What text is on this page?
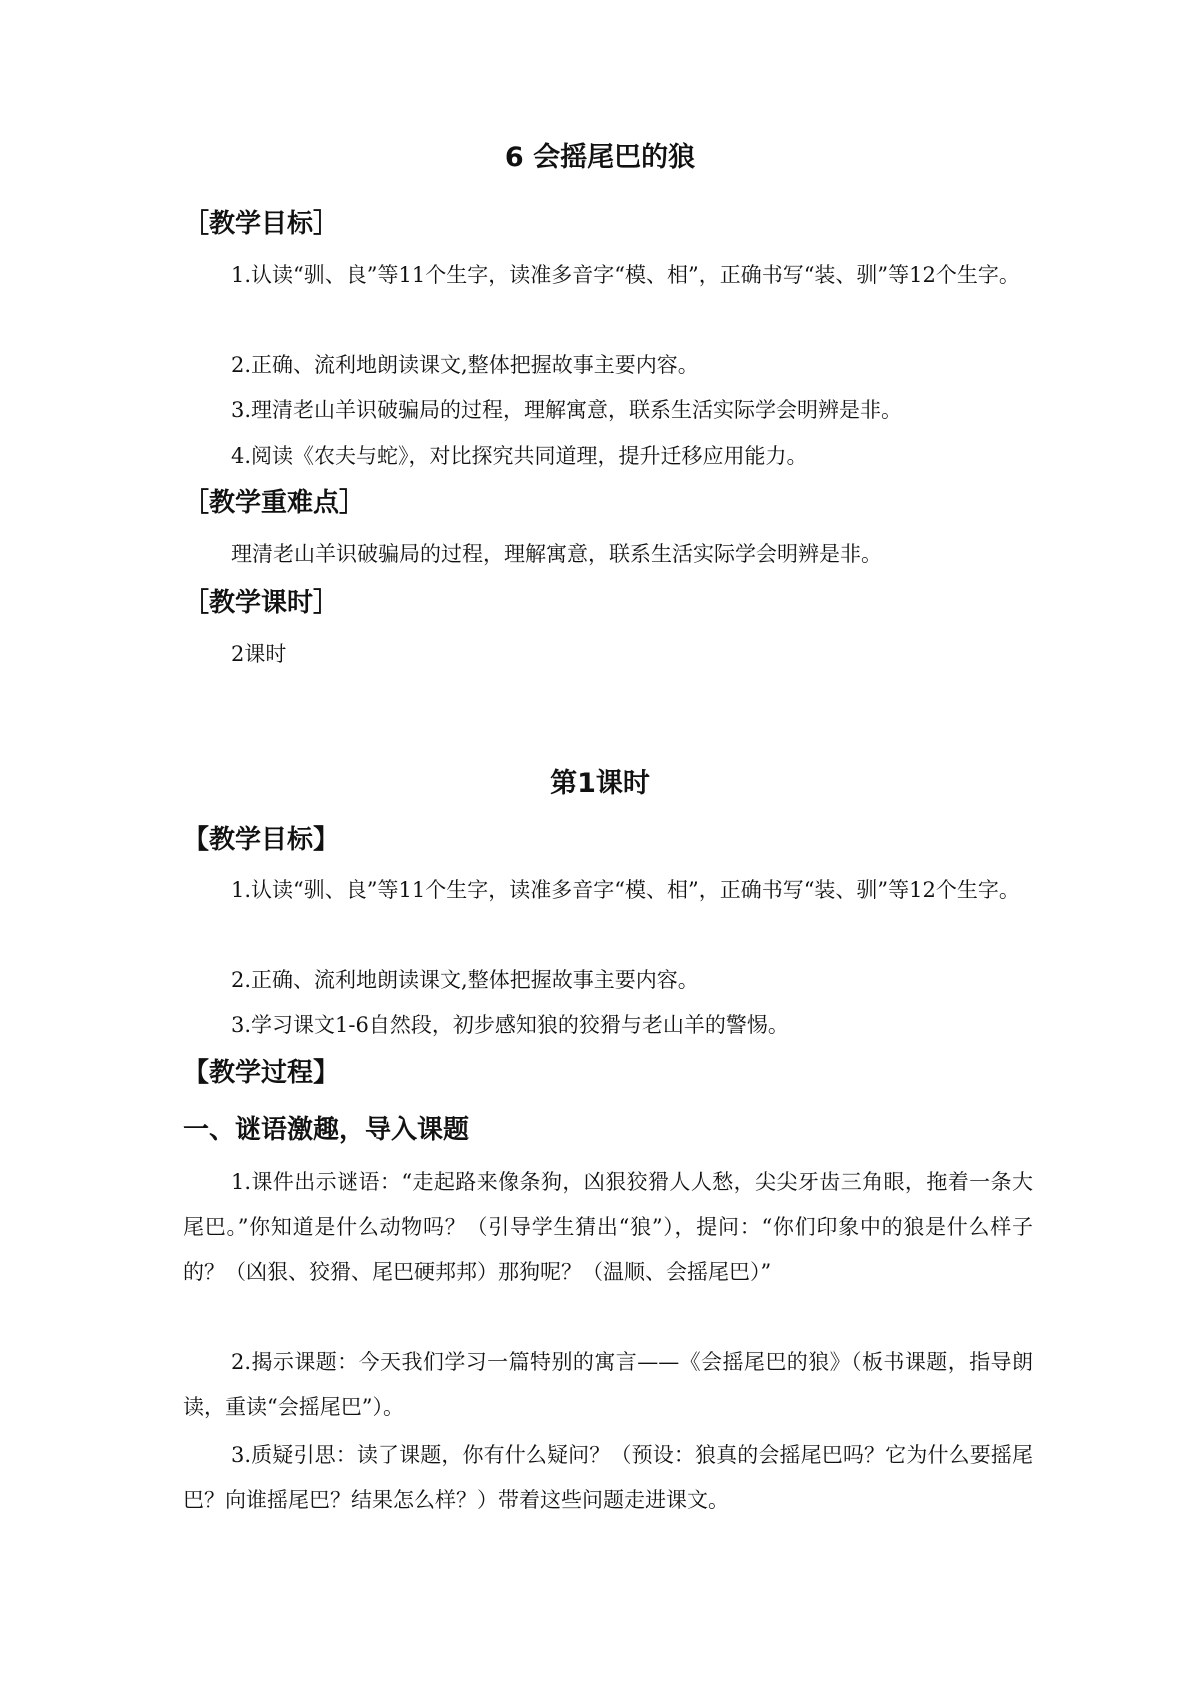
6 会摇尾巴的狼
［教学目标］

1.认读“驯、良”等11个生字，读准多音字“模、相”，正确书写“装、驯”等12个生字。

2.正确、流利地朗读课文,整体把握故事主要内容。

3.理清老山羊识破骗局的过程，理解寓意，联系生活实际学会明辨是非。

4.阅读《农夫与蛇》，对比探究共同道理，提升迁移应用能力。

［教学重难点］

理清老山羊识破骗局的过程，理解寓意，联系生活实际学会明辨是非。

［教学课时］

2课时

第1课时
【教学目标】

1.认读“驯、良”等11个生字，读准多音字“模、相”，正确书写“装、驯”等12个生字。

2.正确、流利地朗读课文,整体把握故事主要内容。

3.学习课文1-6自然段，初步感知狼的狡猾与老山羊的警惕。

【教学过程】
一、谜语激趣，导入课题

1.课件出示谜语：“走起路来像条狗，凶狠狡猾人人愁，尖尖牙齿三角眼，拖着一条大尾巴。”你知道是什么动物吗？（引导学生猜出“狼”），提问：“你们印象中的狼是什么样子的？（凶狠、狡猾、尾巴硬邦邦）那狗呢？（温顺、会摇尾巴）”

2.揭示课题：今天我们学习一篇特别的寓言——《会摇尾巴的狼》（板书课题，指导朗读，重读“会摇尾巴”）。

3.质疑引思：读了课题，你有什么疑问？（预设：狼真的会摇尾巴吗？它为什么要摇尾巴？向谁摇尾巴？结果怎么样？）带着这些问题走进课文。
